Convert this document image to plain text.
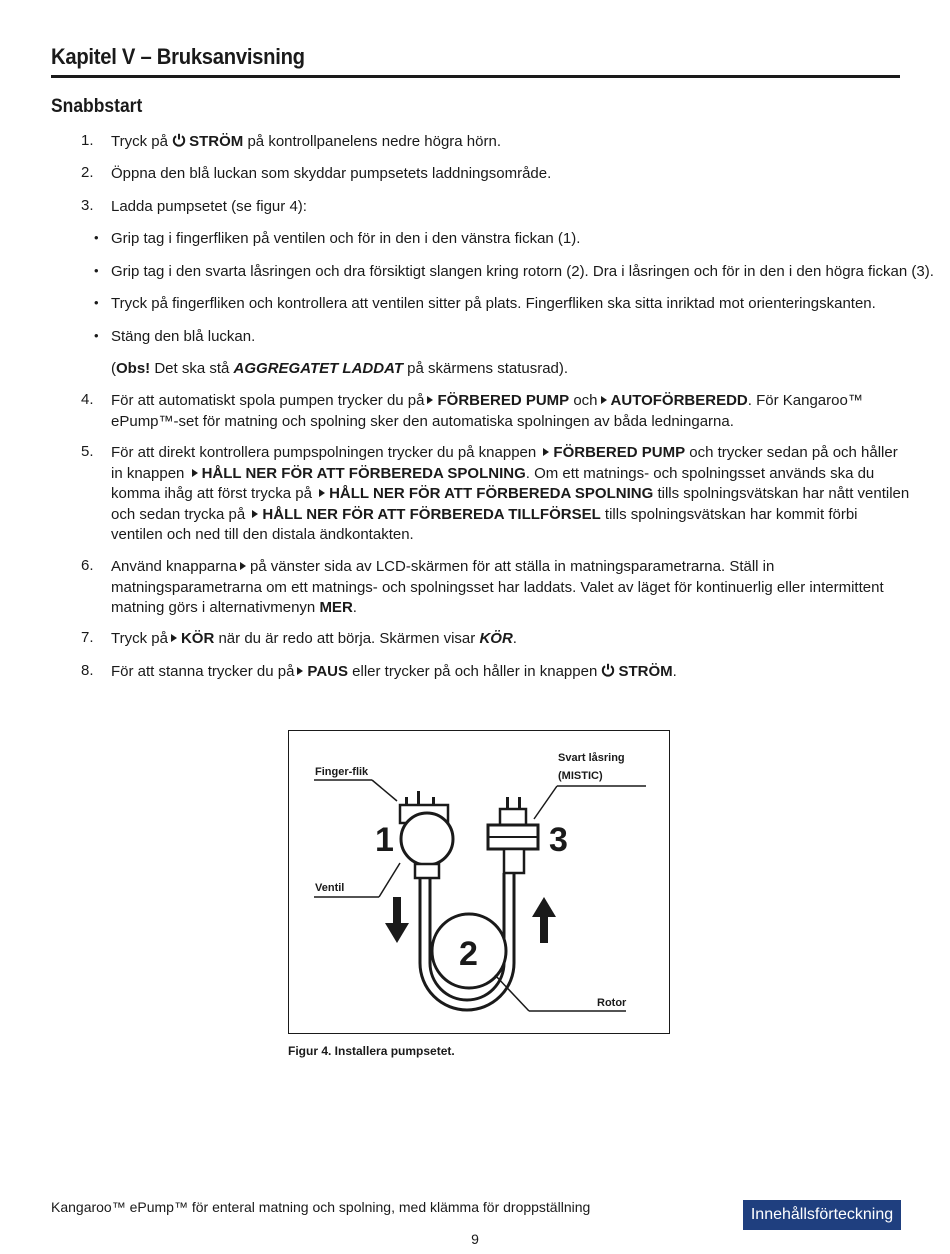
Kapitel V – Bruksanvisning
Snabbstart
1. Tryck på STRÖM på kontrollpanelens nedre högra hörn.
2. Öppna den blå luckan som skyddar pumpsetets laddningsområde.
3. Ladda pumpsetet (se figur 4):
• Grip tag i fingerfliken på ventilen och för in den i den vänstra fickan (1).
• Grip tag i den svarta låsringen och dra försiktigt slangen kring rotorn (2). Dra i låsringen och för in den i den högra fickan (3).
• Tryck på fingerfliken och kontrollera att ventilen sitter på plats. Fingerfliken ska sitta inriktad mot orienteringskanten.
• Stäng den blå luckan.
(Obs! Det ska stå AGGREGATET LADDAT på skärmens statusrad).
4. För att automatiskt spola pumpen trycker du på FÖRBERED PUMP och AUTOFÖRBEREDD. För Kangaroo™ ePump™-set för matning och spolning sker den automatiska spolningen av båda ledningarna.
5. För att direkt kontrollera pumpspolningen trycker du på knappen FÖRBERED PUMP och trycker sedan på och håller in knappen HÅLL NER FÖR ATT FÖRBEREDA SPOLNING. Om ett matnings- och spolningsset används ska du komma ihåg att först trycka på HÅLL NER FÖR ATT FÖRBEREDA SPOLNING tills spolningsvätskan har nått ventilen och sedan trycka på HÅLL NER FÖR ATT FÖRBEREDA TILLFÖRSEL tills spolningsvätskan har kommit förbi ventilen och ned till den distala ändkontakten.
6. Använd knapparna på vänster sida av LCD-skärmen för att ställa in matningsparametrarna. Ställ in matningsparametrarna om ett matnings- och spolningsset har laddats. Valet av läget för kontinuerlig eller intermittent matning görs i alternativmenyn MER.
7. Tryck på KÖR när du är redo att börja. Skärmen visar KÖR.
8. För att stanna trycker du på PAUS eller trycker på och håller in knappen STRÖM.
2
1	3
Finger-flik
Ventil
Svart låsring
(MISTIC)
Rotor
Figur 4. Installera pumpsetet.
Kangaroo™ ePump™ för enteral matning och spolning, med klämma för droppställning	Innehållsförteckning
9
